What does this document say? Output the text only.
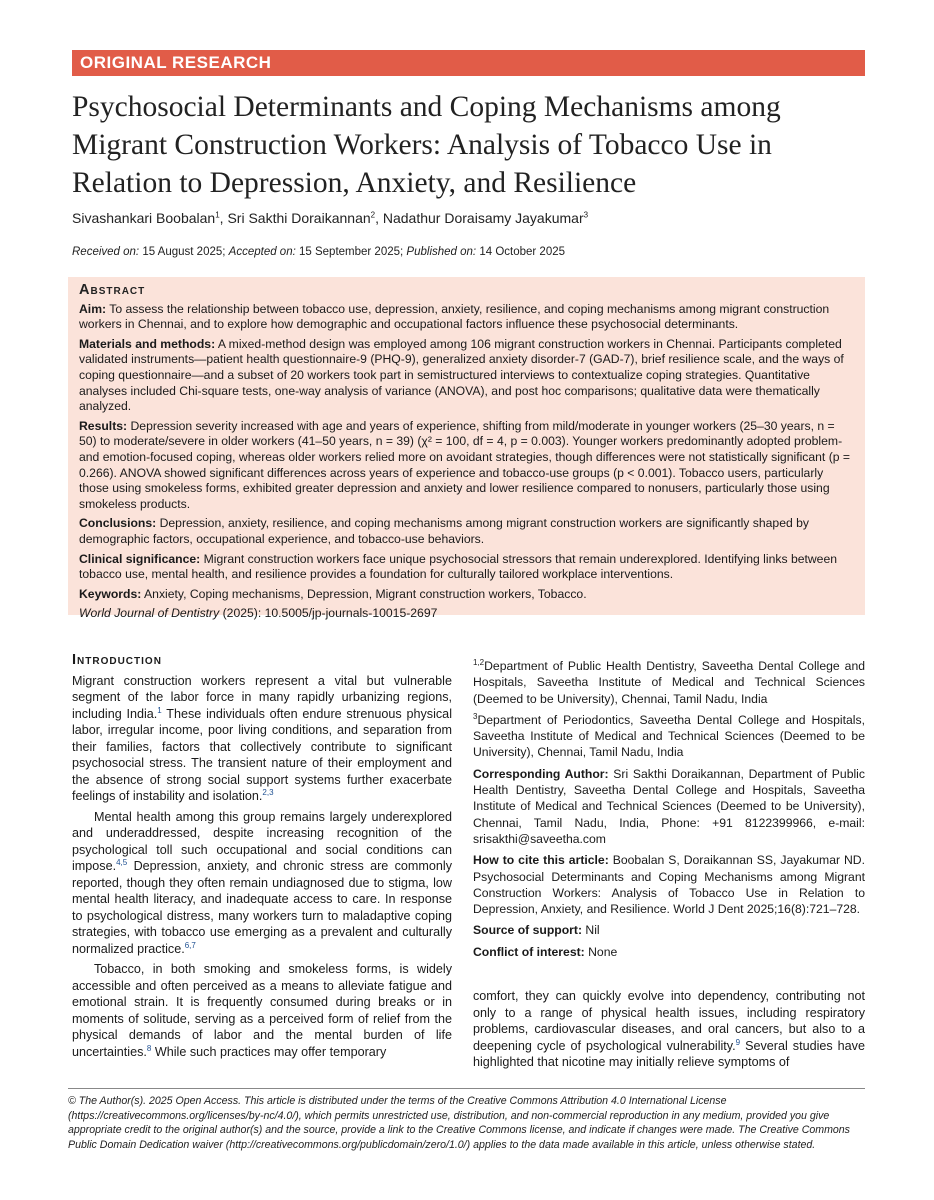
ORIGINAL RESEARCH
Psychosocial Determinants and Coping Mechanisms among Migrant Construction Workers: Analysis of Tobacco Use in Relation to Depression, Anxiety, and Resilience
Sivashankari Boobalan$^1$, Sri Sakthi Doraikannan$^2$, Nadathur Doraisamy Jayakumar$^3$
Received on: 15 August 2025; Accepted on: 15 September 2025; Published on: 14 October 2025
Abstract

Aim: To assess the relationship between tobacco use, depression, anxiety, resilience, and coping mechanisms among migrant construction workers in Chennai, and to explore how demographic and occupational factors influence these psychosocial determinants.

Materials and methods: A mixed-method design was employed among 106 migrant construction workers in Chennai. Participants completed validated instruments—patient health questionnaire-9 (PHQ-9), generalized anxiety disorder-7 (GAD-7), brief resilience scale, and the ways of coping questionnaire—and a subset of 20 workers took part in semistructured interviews to contextualize coping strategies. Quantitative analyses included Chi-square tests, one-way analysis of variance (ANOVA), and post hoc comparisons; qualitative data were thematically analyzed.

Results: Depression severity increased with age and years of experience, shifting from mild/moderate in younger workers (25–30 years, n = 50) to moderate/severe in older workers (41–50 years, n = 39) (χ² = 100, df = 4, p = 0.003). Younger workers predominantly adopted problem- and emotion-focused coping, whereas older workers relied more on avoidant strategies, though differences were not statistically significant (p = 0.266). ANOVA showed significant differences across years of experience and tobacco-use groups (p < 0.001). Tobacco users, particularly those using smokeless forms, exhibited greater depression and anxiety and lower resilience compared to nonusers, particularly those using smokeless products.

Conclusions: Depression, anxiety, resilience, and coping mechanisms among migrant construction workers are significantly shaped by demographic factors, occupational experience, and tobacco-use behaviors.

Clinical significance: Migrant construction workers face unique psychosocial stressors that remain underexplored. Identifying links between tobacco use, mental health, and resilience provides a foundation for culturally tailored workplace interventions.

Keywords: Anxiety, Coping mechanisms, Depression, Migrant construction workers, Tobacco.

World Journal of Dentistry (2025): 10.5005/jp-journals-10015-2697

Introduction

Migrant construction workers represent a vital but vulnerable segment of the labor force in many rapidly urbanizing regions, including India.$^1$ These individuals often endure strenuous physical labor, irregular income, poor living conditions, and separation from their families, factors that collectively contribute to significant psychosocial stress. The transient nature of their employment and the absence of strong social support systems further exacerbate feelings of instability and isolation.$^{2,3}$

Mental health among this group remains largely underexplored and underaddressed, despite increasing recognition of the psychological toll such occupational and social conditions can impose.$^{4,5}$ Depression, anxiety, and chronic stress are commonly reported, though they often remain undiagnosed due to stigma, low mental health literacy, and inadequate access to care. In response to psychological distress, many workers turn to maladaptive coping strategies, with tobacco use emerging as a prevalent and culturally normalized practice.$^{6,7}$

Tobacco, in both smoking and smokeless forms, is widely accessible and often perceived as a means to alleviate fatigue and emotional strain. It is frequently consumed during breaks or in moments of solitude, serving as a perceived form of relief from the physical demands of labor and the mental burden of life uncertainties.$^8$ While such practices may offer temporary

$^{1,2}$Department of Public Health Dentistry, Saveetha Dental College and Hospitals, Saveetha Institute of Medical and Technical Sciences (Deemed to be University), Chennai, Tamil Nadu, India

$^3$Department of Periodontics, Saveetha Dental College and Hospitals, Saveetha Institute of Medical and Technical Sciences (Deemed to be University), Chennai, Tamil Nadu, India

Corresponding Author: Sri Sakthi Doraikannan, Department of Public Health Dentistry, Saveetha Dental College and Hospitals, Saveetha Institute of Medical and Technical Sciences (Deemed to be University), Chennai, Tamil Nadu, India, Phone: +91 8122399966, e-mail: srisakthi@saveetha.com

How to cite this article: Boobalan S, Doraikannan SS, Jayakumar ND. Psychosocial Determinants and Coping Mechanisms among Migrant Construction Workers: Analysis of Tobacco Use in Relation to Depression, Anxiety, and Resilience. World J Dent 2025;16(8):721–728.

Source of support: Nil

Conflict of interest: None

comfort, they can quickly evolve into dependency, contributing not only to a range of physical health issues, including respiratory problems, cardiovascular diseases, and oral cancers, but also to a deepening cycle of psychological vulnerability.$^9$ Several studies have highlighted that nicotine may initially relieve symptoms of

© The Author(s). 2025 Open Access. This article is distributed under the terms of the Creative Commons Attribution 4.0 International License (https://creativecommons.org/licenses/by-nc/4.0/), which permits unrestricted use, distribution, and non-commercial reproduction in any medium, provided you give appropriate credit to the original author(s) and the source, provide a link to the Creative Commons license, and indicate if changes were made. The Creative Commons Public Domain Dedication waiver (http://creativecommons.org/publicdomain/zero/1.0/) applies to the data made available in this article, unless otherwise stated.
